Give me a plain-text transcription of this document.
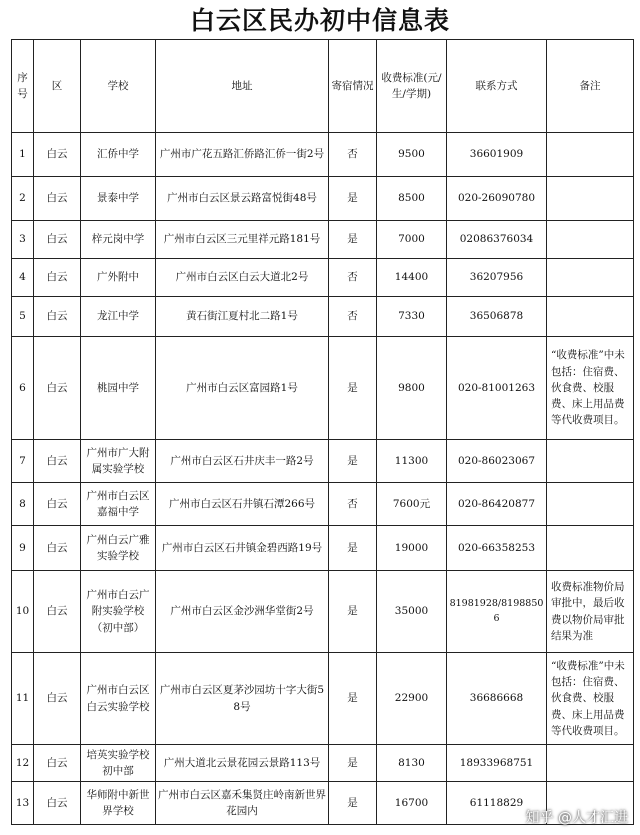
白云区民办初中信息表
序号	区	学校	地址	寄宿情况	收费标准(元/生/学期)	联系方式	备注
1	白云	汇侨中学	广州市广花五路汇侨路汇侨一街2号	否	9500	36601909	
2	白云	景泰中学	广州市白云区景云路富悦街48号	是	8500	020-26090780	
3	白云	梓元岗中学	广州市白云区三元里祥元路181号	是	7000	02086376034	
4	白云	广外附中	广州市白云区白云大道北2号	否	14400	36207956	
5	白云	龙江中学	黄石街江夏村北二路1号	否	7330	36506878	
6	白云	桃园中学	广州市白云区富园路1号	是	9800	020-81001263	“收费标准”中未包括：住宿费、伙食费、校服费、床上用品费等代收费项目。
7	白云	广州市广大附属实验学校	广州市白云区石井庆丰一路2号	是	11300	020-86023067	
8	白云	广州市白云区嘉福中学	广州市白云区石井镇石潭266号	否	7600元	020-86420877	
9	白云	广州白云广雅实验学校	广州市白云区石井镇金碧西路19号	是	19000	020-66358253	
10	白云	广州市白云广附实验学校（初中部）	广州市白云区金沙洲华堂街2号	是	35000	81981928/81988506	收费标准物价局审批中，最后收费以物价局审批结果为准
11	白云	广州市白云区白云实验学校	广州市白云区夏茅沙园坊十字大街58号	是	22900	36686668	“收费标准”中未包括：住宿费、伙食费、校服费、床上用品费等代收费项目。
12	白云	培英实验学校初中部	广州大道北云景花园云景路113号	是	8130	18933968751	
13	白云	华师附中新世界学校	广州市白云区嘉禾集贤庄岭南新世界花园内	是	16700	61118829	
知乎 @人才汇进
